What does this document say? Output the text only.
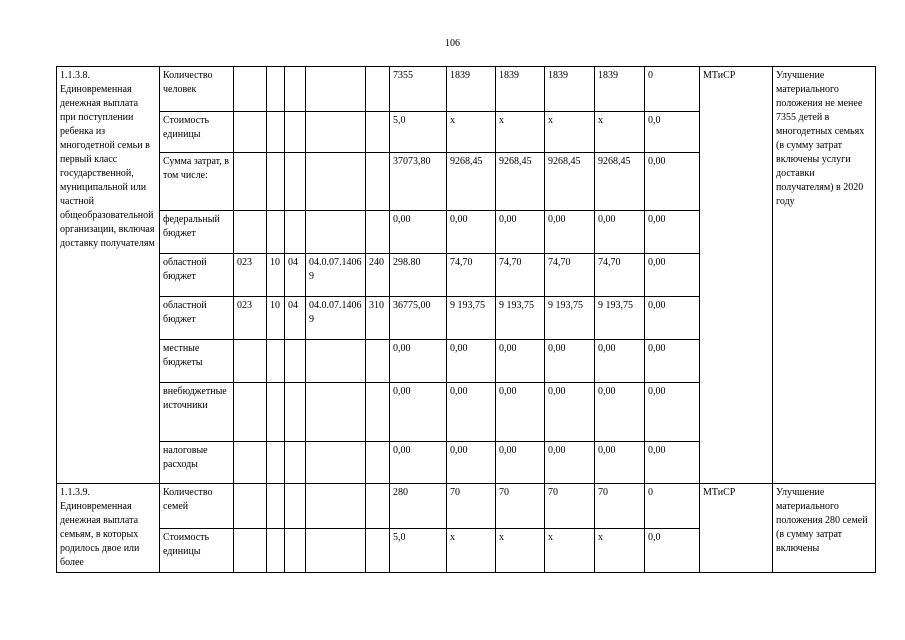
106
1.1.3.8. Единовременная денежная выплата при поступлении ребенка из многодетной семьи в первый класс государственной, муниципальной или частной общеобразовательной организации, включая доставку получателям	Количество человек						7355	1839	1839	1839	1839	0	МТиСР	Улучшение материального положения не менее 7355 детей в многодетных семьях (в сумму затрат включены услуги доставки получателям) в 2020 году
	Стоимость единицы						5,0	х	х	х	х	0,0		
	Сумма затрат, в том числе:						37073,80	9268,45	9268,45	9268,45	9268,45	0,00		
	федеральный бюджет						0,00	0,00	0,00	0,00	0,00	0,00		
	областной бюджет	023	10	04	04.0.07.14069	240	298.80	74,70	74,70	74,70	74,70	0,00		
	областной бюджет	023	10	04	04.0.07.14069	310	36775,00	9 193,75	9 193,75	9 193,75	9 193,75	0,00		
	местные бюджеты						0,00	0,00	0,00	0,00	0,00	0,00		
	внебюджетные источники						0,00	0,00	0,00	0,00	0,00	0,00		
	налоговые расходы						0,00	0,00	0,00	0,00	0,00	0,00		
1.1.3.9. Единовременная денежная выплата семьям, в которых родилось двое или более	Количество семей						280	70	70	70	70	0	МТиСР	Улучшение материального положения 280 семей (в сумму затрат включены
	Стоимость единицы						5,0	х	х	х	х	0,0		
